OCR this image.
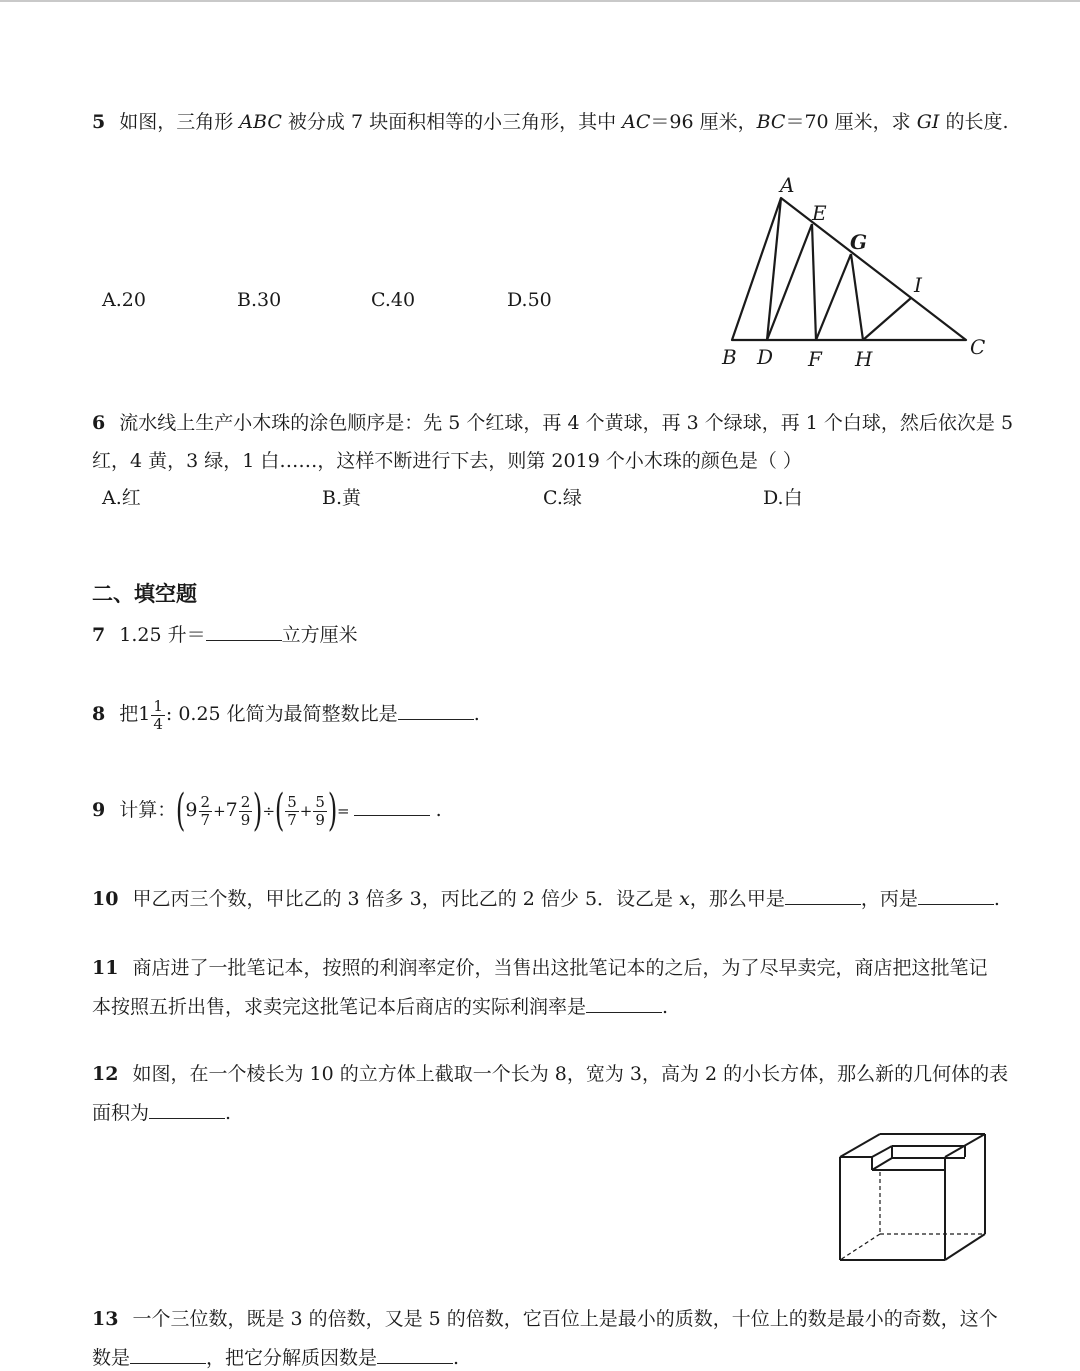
5 如图，三角形 ABC 被分成 7 块面积相等的小三角形，其中 AC＝96 厘米，BC＝70 厘米，求 GI 的长度.
A.20	B.30	C.40	D.50
A
E
G
I
B D F H	C
6 流水线上生产小木珠的涂色顺序是：先 5 个红球，再 4 个黄球，再 3 个绿球，再 1 个白球，然后依次是 5
红，4 黄，3 绿，1 白……，这样不断进行下去，则第 2019 个小木珠的颜色是（ ）
A.红	B.黄	C.绿	D.白
二、填空题
7 1.25 升＝	立方厘米
8 把$1 \frac{1}{4}$ : 0.25 化简为最简整数比是	.
9 计算：($9 \frac{2}{7} +7 \frac{2}{9}$ )÷( $\frac{5}{7} + \frac{5}{9}$ )=	.
10 甲乙丙三个数，甲比乙的 3 倍多 3，丙比乙的 2 倍少 5．设乙是 x，那么甲是	，丙是	.
11 商店进了一批笔记本，按照的利润率定价，当售出这批笔记本的之后，为了尽早卖完，商店把这批笔记
本按照五折出售，求卖完这批笔记本后商店的实际利润率是	.
12 如图，在一个棱长为 10 的立方体上截取一个长为 8，宽为 3，高为 2 的小长方体，那么新的几何体的表
面积为	.
13 一个三位数，既是 3 的倍数，又是 5 的倍数，它百位上是最小的质数，十位上的数是最小的奇数，这个
数是	，把它分解质因数是	.
